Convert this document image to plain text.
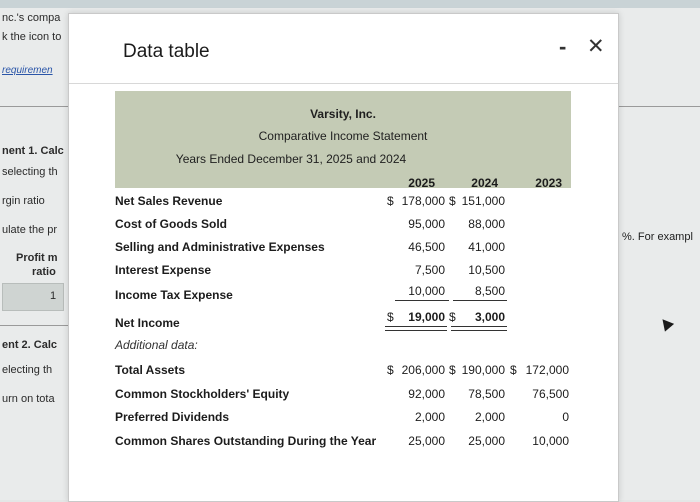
nc.'s compa
k the icon to
requiremen
nent 1. Calc
selecting th
rgin ratio
ulate the pr
Profit m
ratio
1
ent 2. Calc
electing th
urn on tota
%. For exampl
Data table	- ✕
Varsity, Inc.
Comparative Income Statement
Years Ended December 31, 2025 and 2024
2025	2024	2023
Net Sales Revenue	$ 178,000 $ 151,000
Cost of Goods Sold	95,000	88,000
Selling and Administrative Expenses	46,500	41,000
Interest Expense	7,500	10,500
Income Tax Expense	10,000	8,500
Net Income	$	19,000 $	3,000
Additional data:
Total Assets	$ 206,000 $ 190,000 $ 172,000
Common Stockholders' Equity	92,000	78,500	76,500
Preferred Dividends	2,000	2,000	0
Common Shares Outstanding During the Year	25,000	25,000	10,000
